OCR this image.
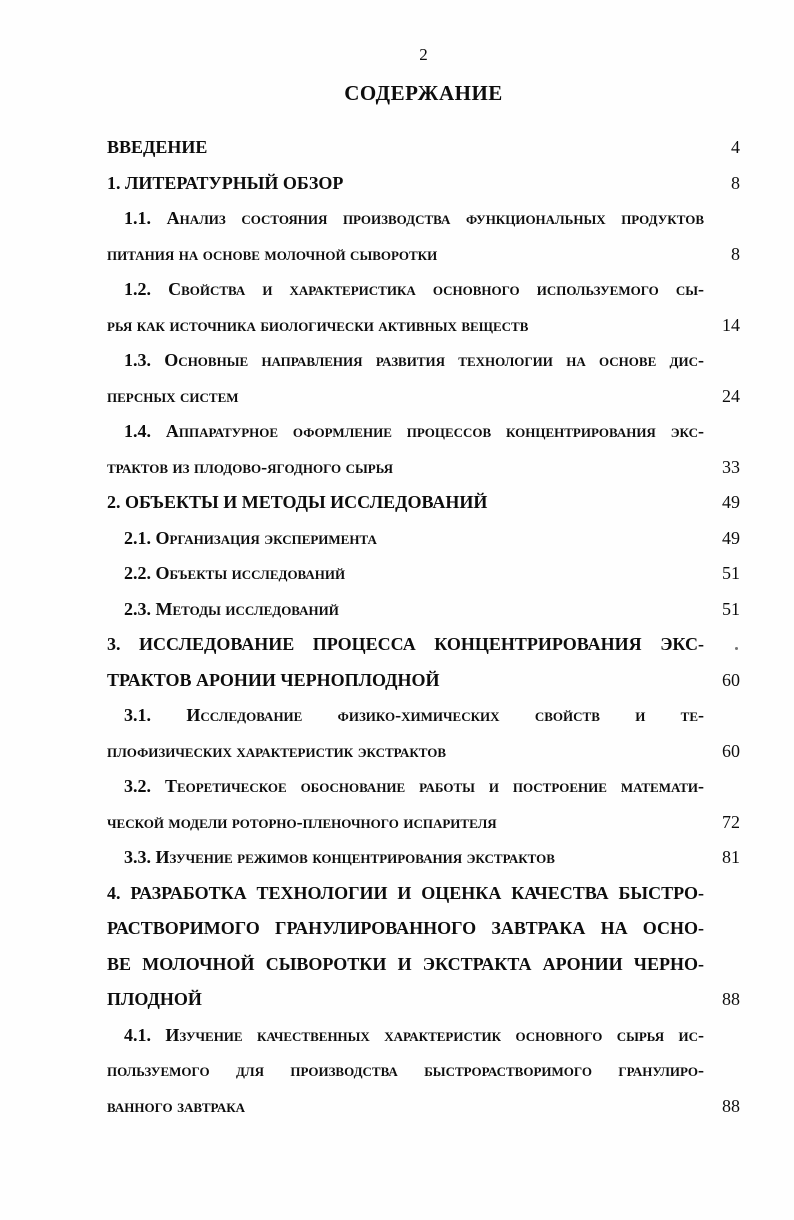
2
СОДЕРЖАНИЕ
ВВЕДЕНИЕ	4
1. ЛИТЕРАТУРНЫЙ ОБЗОР	8
1.1. Анализ состояния производства функциональных продуктов
питания на основе молочной сыворотки	8
1.2. Свойства и характеристика основного используемого сы-
рья как источника биологически активных веществ	14
1.3. Основные направления развития технологии на основе дис-
персных систем	24
1.4. Аппаратурное оформление процессов концентрирования экс-
трактов из плодово-ягодного сырья	33
2. ОБЪЕКТЫ И МЕТОДЫ ИССЛЕДОВАНИЙ	49
2.1. Организация эксперимента	49
2.2. Объекты исследований	51
2.3. Методы исследований	51
3. ИССЛЕДОВАНИЕ ПРОЦЕССА КОНЦЕНТРИРОВАНИЯ ЭКС-
ТРАКТОВ АРОНИИ ЧЕРНОПЛОДНОЙ	60
3.1. Исследование физико-химических свойств и те-
плофизических характеристик экстрактов	60
3.2. Теоретическое обоснование работы и построение математи-
ческой модели роторно-пленочного испарителя	72
3.3. Изучение режимов концентрирования экстрактов	81
4. РАЗРАБОТКА ТЕХНОЛОГИИ И ОЦЕНКА КАЧЕСТВА БЫСТРО-
РАСТВОРИМОГО ГРАНУЛИРОВАННОГО ЗАВТРАКА НА ОСНО-
ВЕ МОЛОЧНОЙ СЫВОРОТКИ И ЭКСТРАКТА АРОНИИ ЧЕРНО-
ПЛОДНОЙ	88
4.1. Изучение качественных характеристик основного сырья ис-
пользуемого для производства быстрорастворимого гранулиро-
ванного завтрака	88
